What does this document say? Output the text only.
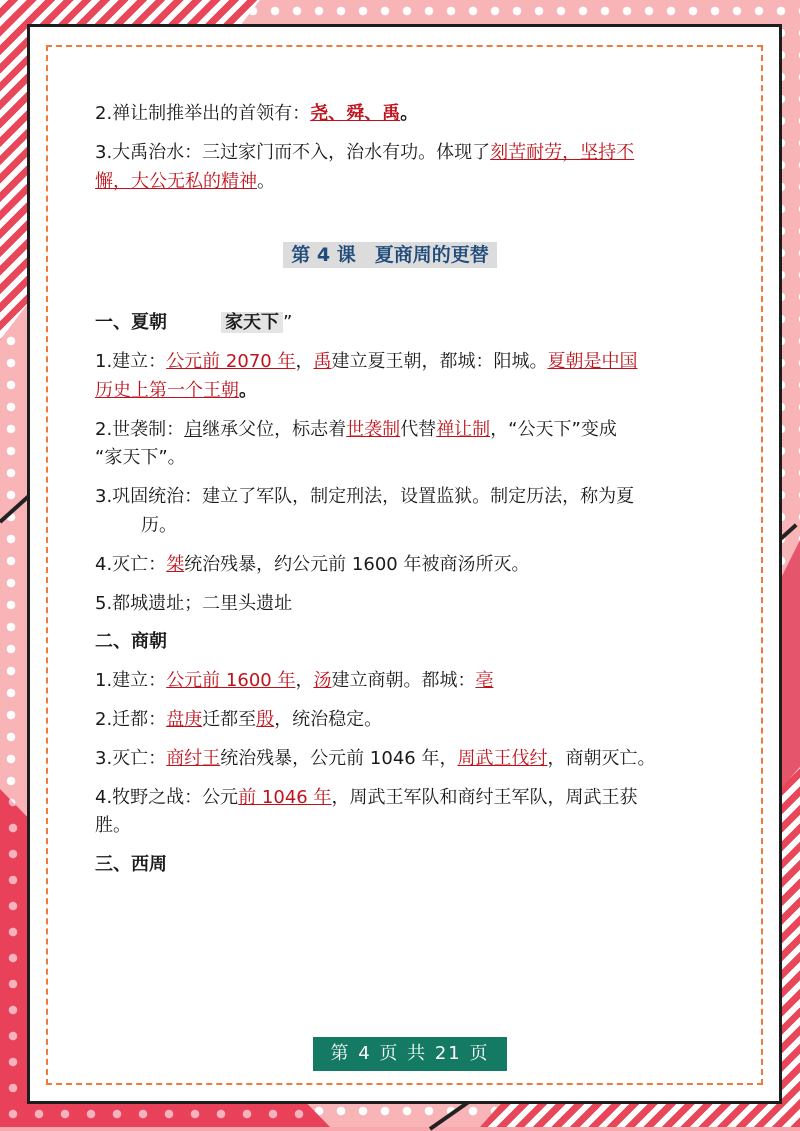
2.禅让制推举出的首领有：尧、舜、禹。

3.大禹治水：三过家门而不入，治水有功。体现了刻苦耐劳，坚持不
懈，大公无私的精神。

第 4 课　夏商周的更替
一、夏朝	家天下 ”

1.建立：公元前 2070 年，禹建立夏王朝，都城：阳城。夏朝是中国
历史上第一个王朝。

2.世袭制：启继承父位，标志着世袭制代替禅让制，“公天下”变成
“家天下”。

3.巩固统治：建立了军队，制定刑法，设置监狱。制定历法，称为夏
历。

4.灭亡：桀统治残暴，约公元前 1600 年被商汤所灭。

5.都城遗址；二里头遗址

二、商朝

1.建立：公元前 1600 年，汤建立商朝。都城：亳

2.迁都：盘庚迁都至殷，统治稳定。

3.灭亡：商纣王统治残暴，公元前 1046 年，周武王伐纣，商朝灭亡。

4.牧野之战：公元前 1046 年，周武王军队和商纣王军队，周武王获
胜。

三、西周
第 4 页 共 21 页
